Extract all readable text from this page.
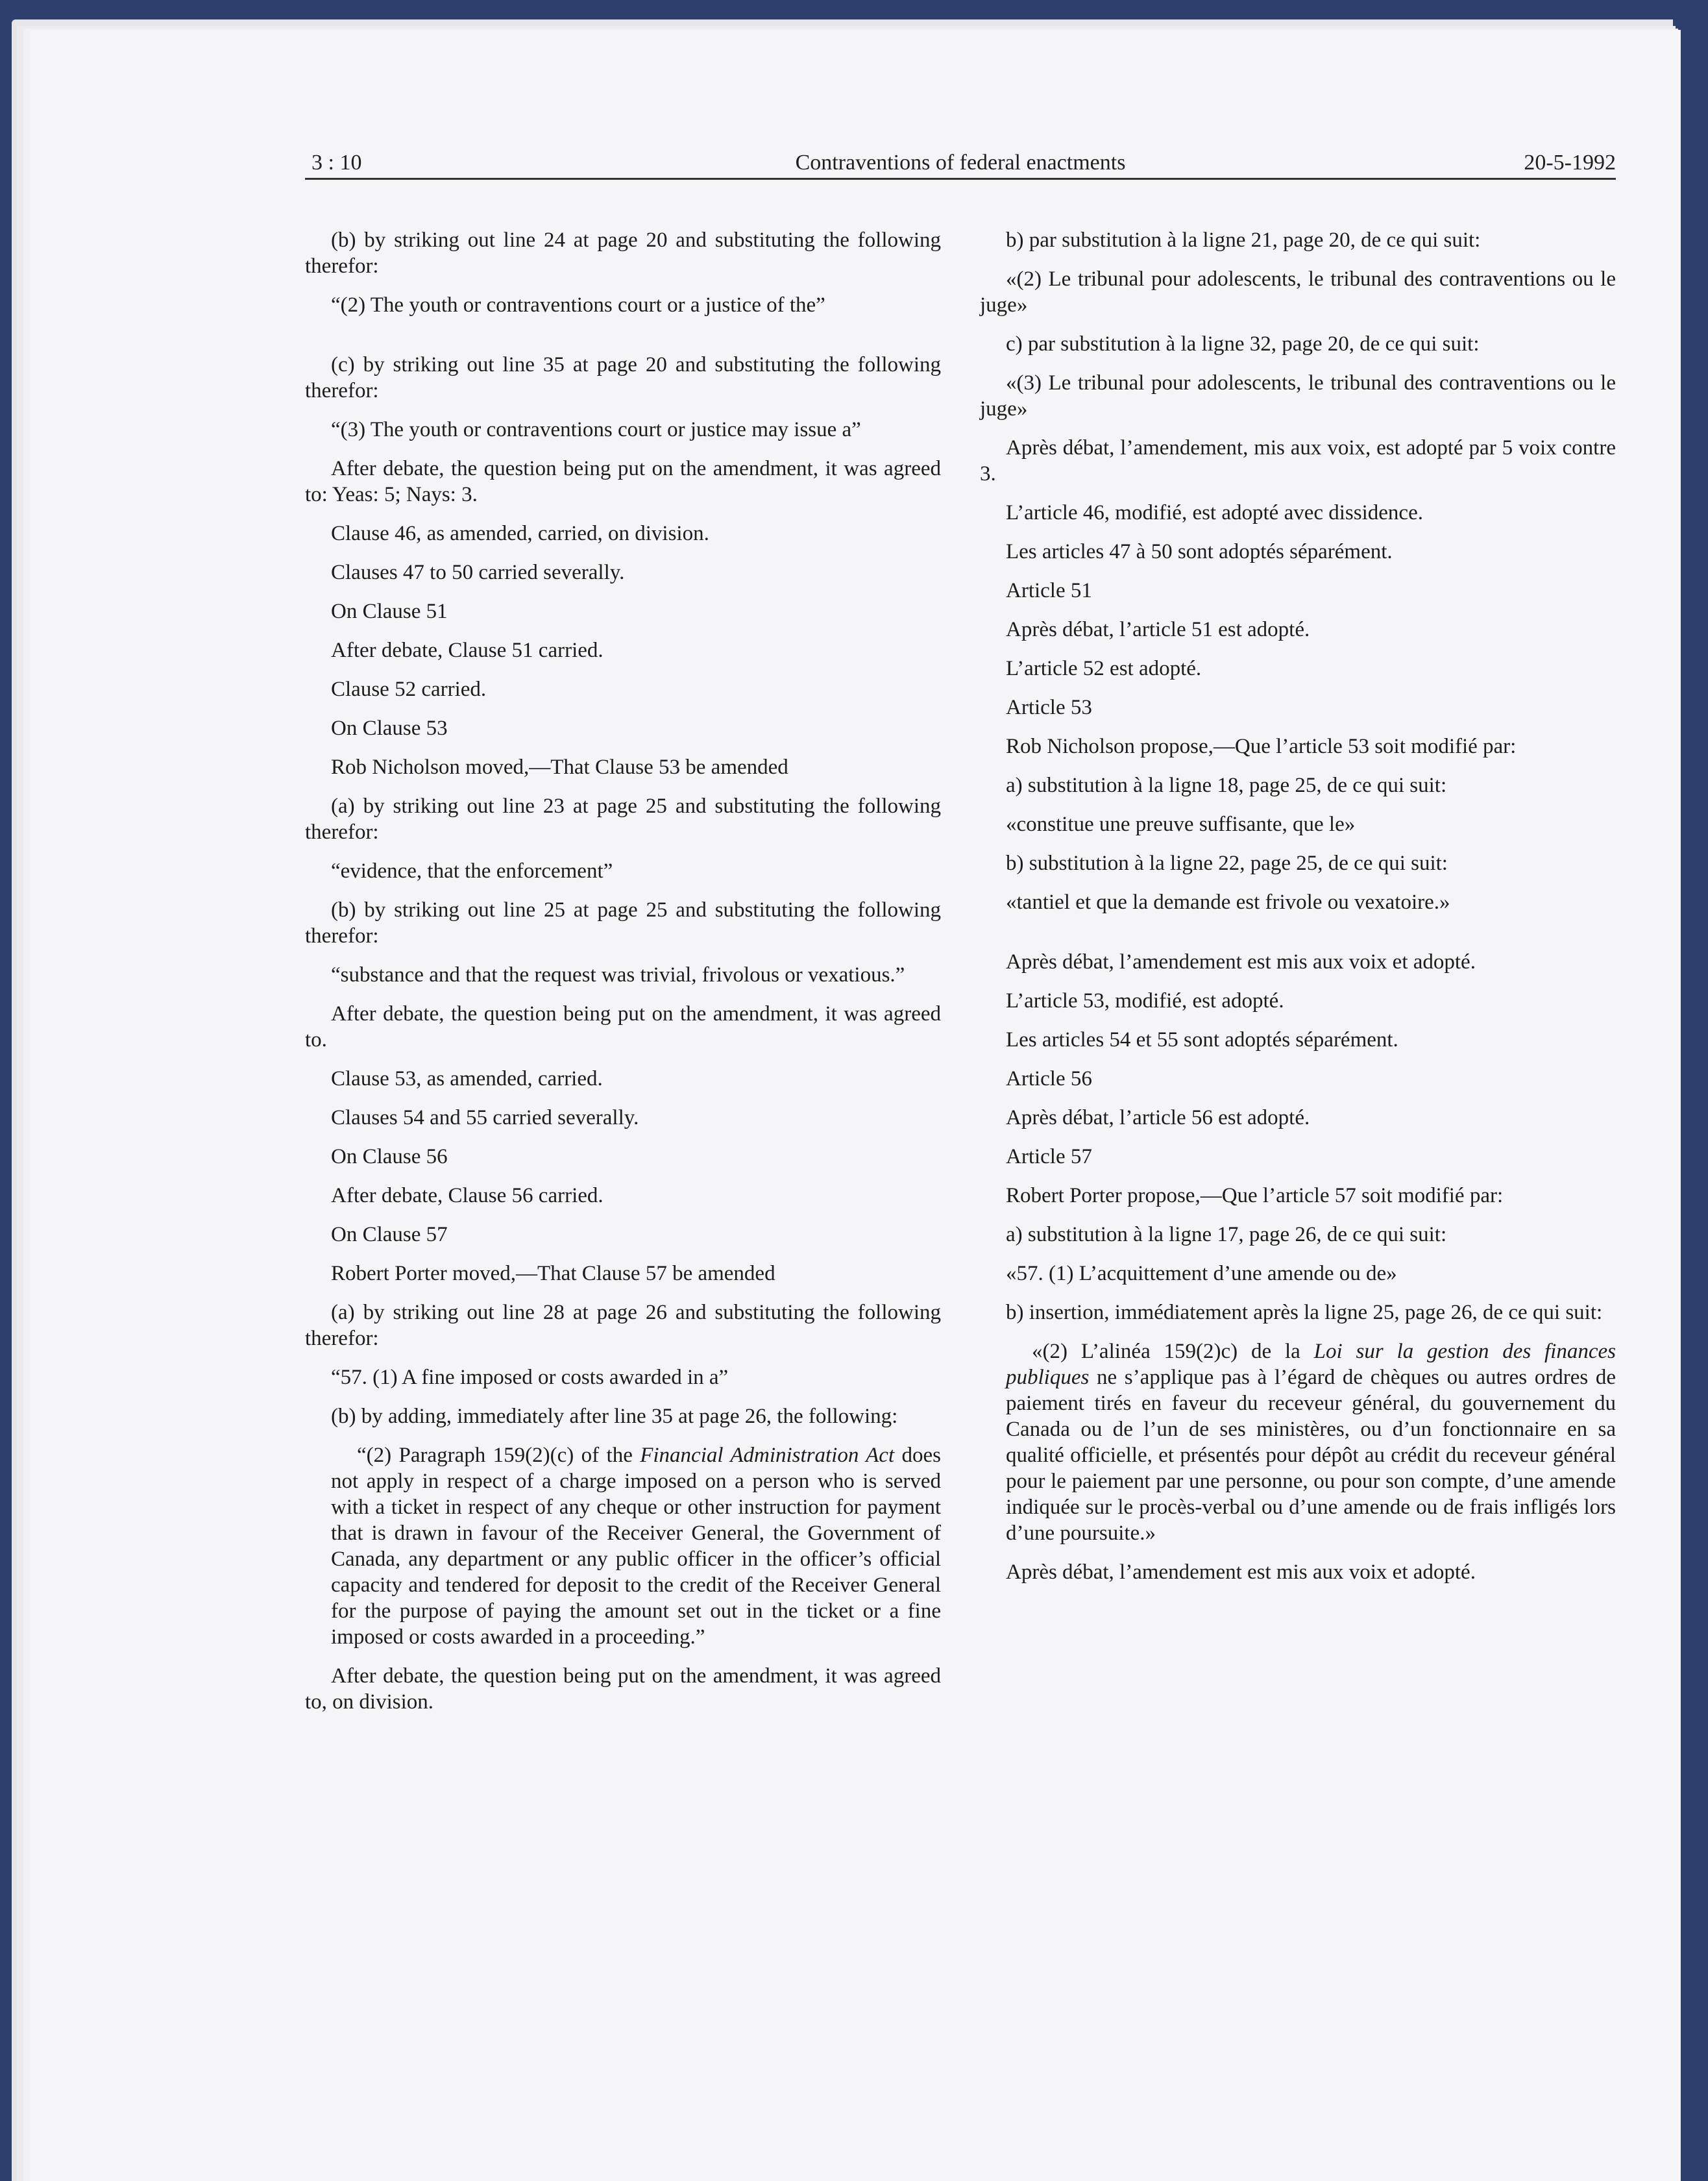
3 : 10	Contraventions of federal enactments	20-5-1992

(b) by striking out line 24 at page 20 and substituting the following therefor:

“(2) The youth or contraventions court or a justice of the”

(c) by striking out line 35 at page 20 and substituting the following therefor:

“(3) The youth or contraventions court or justice may issue a”

After debate, the question being put on the amendment, it was agreed to: Yeas: 5; Nays: 3.

Clause 46, as amended, carried, on division.

Clauses 47 to 50 carried severally.

On Clause 51

After debate, Clause 51 carried.

Clause 52 carried.

On Clause 53

Rob Nicholson moved,—That Clause 53 be amended

(a) by striking out line 23 at page 25 and substituting the following therefor:

“evidence, that the enforcement”

(b) by striking out line 25 at page 25 and substituting the following therefor:

“substance and that the request was trivial, frivolous or vexatious.”

After debate, the question being put on the amendment, it was agreed to.

Clause 53, as amended, carried.

Clauses 54 and 55 carried severally.

On Clause 56

After debate, Clause 56 carried.

On Clause 57

Robert Porter moved,—That Clause 57 be amended

(a) by striking out line 28 at page 26 and substituting the following therefor:

“57. (1) A fine imposed or costs awarded in a”

(b) by adding, immediately after line 35 at page 26, the following:

“(2) Paragraph 159(2)(c) of the Financial Administration Act does not apply in respect of a charge imposed on a person who is served with a ticket in respect of any cheque or other instruction for payment that is drawn in favour of the Receiver General, the Government of Canada, any department or any public officer in the officer’s official capacity and tendered for deposit to the credit of the Receiver General for the purpose of paying the amount set out in the ticket or a fine imposed or costs awarded in a proceeding.”

After debate, the question being put on the amendment, it was agreed to, on division.

b) par substitution à la ligne 21, page 20, de ce qui suit:

«(2) Le tribunal pour adolescents, le tribunal des contraventions ou le juge»

c) par substitution à la ligne 32, page 20, de ce qui suit:

«(3) Le tribunal pour adolescents, le tribunal des contraventions ou le juge»

Après débat, l’amendement, mis aux voix, est adopté par 5 voix contre 3.

L’article 46, modifié, est adopté avec dissidence.

Les articles 47 à 50 sont adoptés séparément.

Article 51

Après débat, l’article 51 est adopté.

L’article 52 est adopté.

Article 53

Rob Nicholson propose,—Que l’article 53 soit modifié par:

a) substitution à la ligne 18, page 25, de ce qui suit:

«constitue une preuve suffisante, que le»

b) substitution à la ligne 22, page 25, de ce qui suit:

«tantiel et que la demande est frivole ou vexatoire.»

Après débat, l’amendement est mis aux voix et adopté.

L’article 53, modifié, est adopté.

Les articles 54 et 55 sont adoptés séparément.

Article 56

Après débat, l’article 56 est adopté.

Article 57

Robert Porter propose,—Que l’article 57 soit modifié par:

a) substitution à la ligne 17, page 26, de ce qui suit:

«57. (1) L’acquittement d’une amende ou de»

b) insertion, immédiatement après la ligne 25, page 26, de ce qui suit:

«(2) L’alinéa 159(2)c) de la Loi sur la gestion des finances publiques ne s’applique pas à l’égard de chèques ou autres ordres de paiement tirés en faveur du receveur général, du gouvernement du Canada ou de l’un de ses ministères, ou d’un fonctionnaire en sa qualité officielle, et présentés pour dépôt au crédit du receveur général pour le paiement par une personne, ou pour son compte, d’une amende indiquée sur le procès-verbal ou d’une amende ou de frais infligés lors d’une poursuite.»

Après débat, l’amendement est mis aux voix et adopté.
